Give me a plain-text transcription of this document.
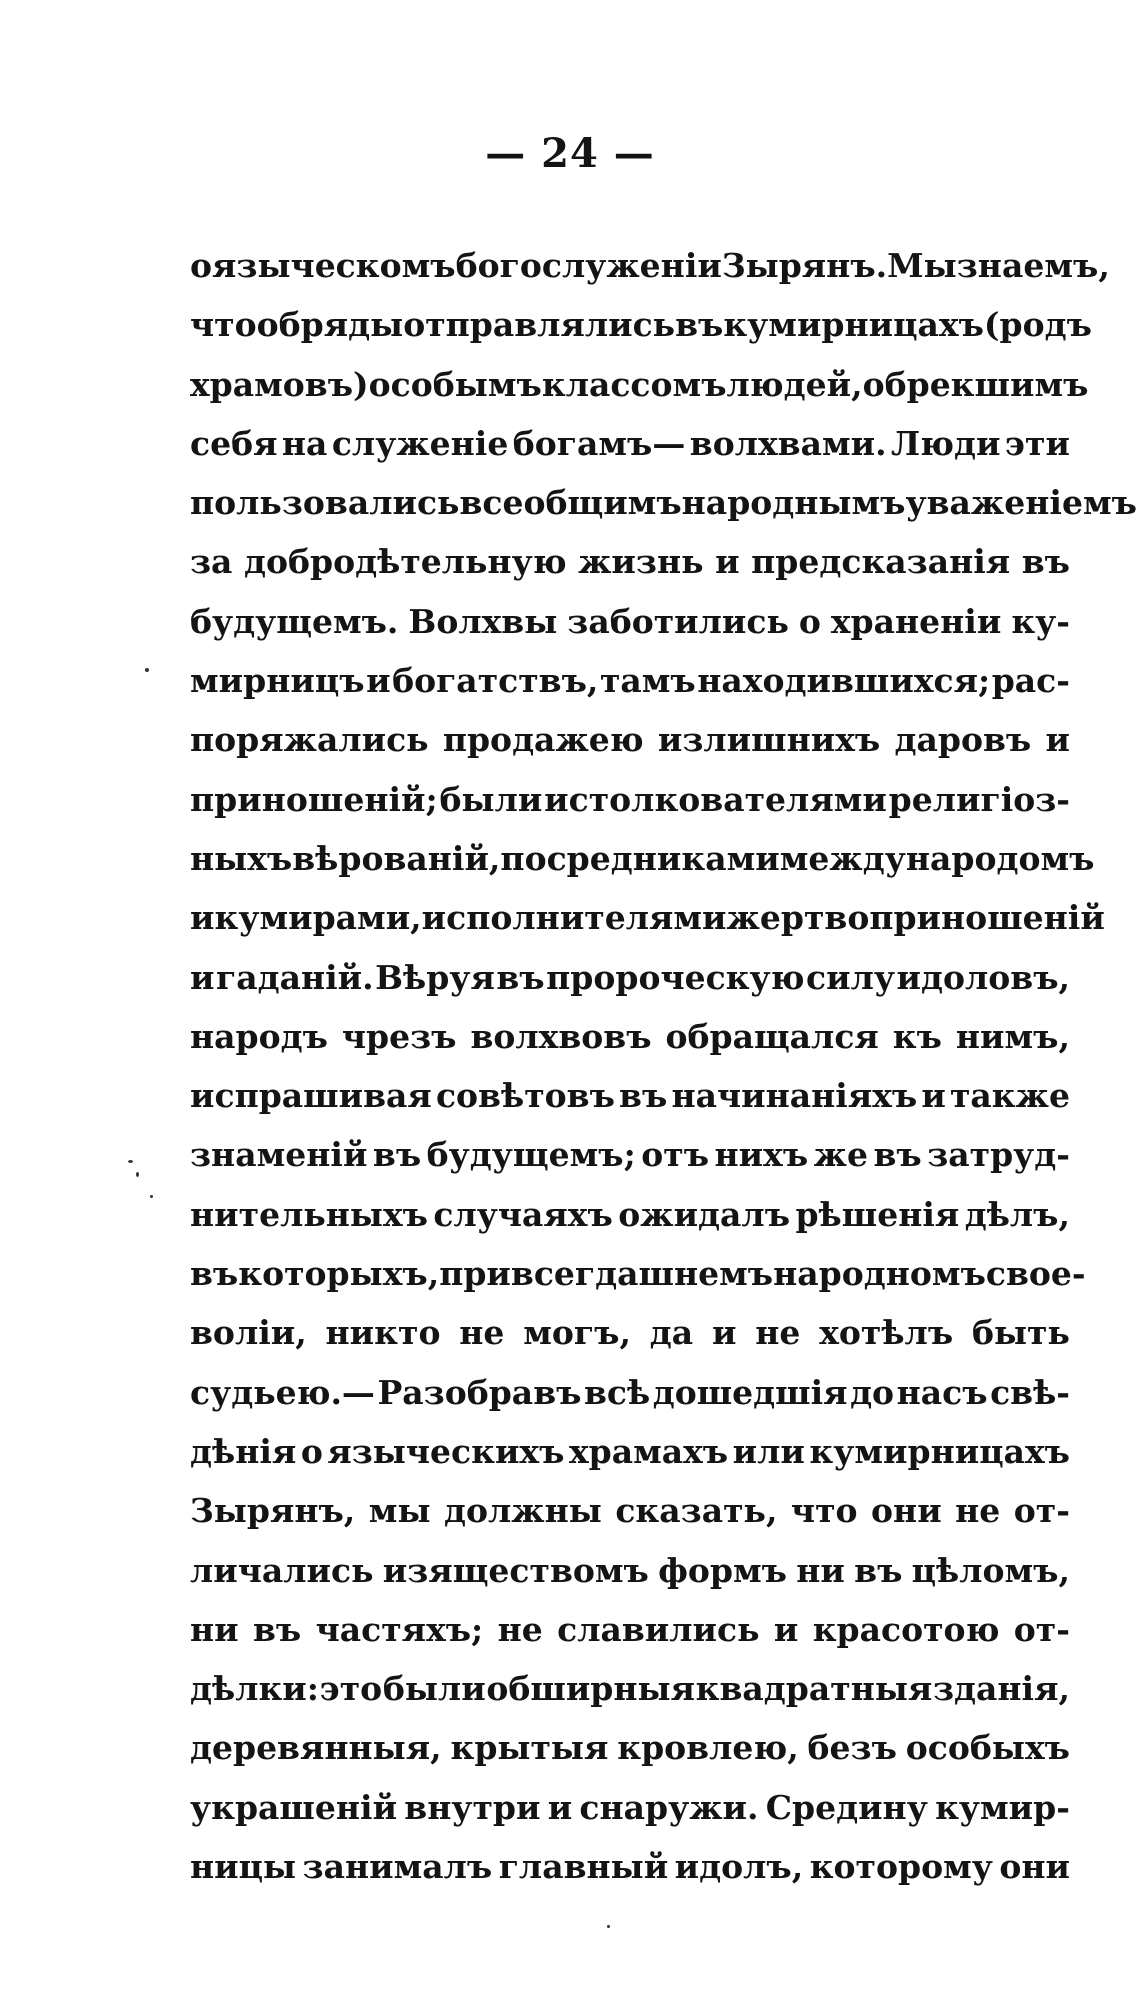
— 24 —
о языческомъ богослуженіи Зырянъ. Мы знаемъ,
что обряды отправлялись въ кумирницахъ (родъ
храмовъ) особымъ классомъ людей, обрекшимъ
себя на служеніе богамъ— волхвами. Люди эти
пользовались всеобщимъ народнымъ уваженіемъ
за добродѣтельную жизнь и предсказанія въ
будущемъ. Волхвы заботились о храненіи ку-
мирницъ и богатствъ, тамъ находившихся; рас-
поряжались продажею излишнихъ даровъ и
приношеній; были истолкователями религіоз-
ныхъ вѣрованій, посредниками между народомъ
и кумирами, исполнителями жертвоприношеній
и гаданій. Вѣруя въ пророческую силу идоловъ,
народъ чрезъ волхвовъ обращался къ нимъ,
испрашивая совѣтовъ въ начинаніяхъ и также
знаменій въ будущемъ; отъ нихъ же въ затруд-
нительныхъ случаяхъ ожидалъ рѣшенія дѣлъ,
въ которыхъ, при всегдашнемъ народномъ свое-
воліи, никто не могъ, да и не хотѣлъ быть
судьею.— Разобравъ всѣ дошедшія до насъ свѣ-
дѣнія о языческихъ храмахъ или кумирницахъ
Зырянъ, мы должны сказать, что они не от-
личались изяществомъ формъ ни въ цѣломъ,
ни въ частяхъ; не славились и красотою от-
дѣлки: это были обширныя квадратныя зданія,
деревянныя, крытыя кровлею, безъ особыхъ
украшеній внутри и снаружи. Средину кумир-
ницы занималъ главный идолъ, которому они
